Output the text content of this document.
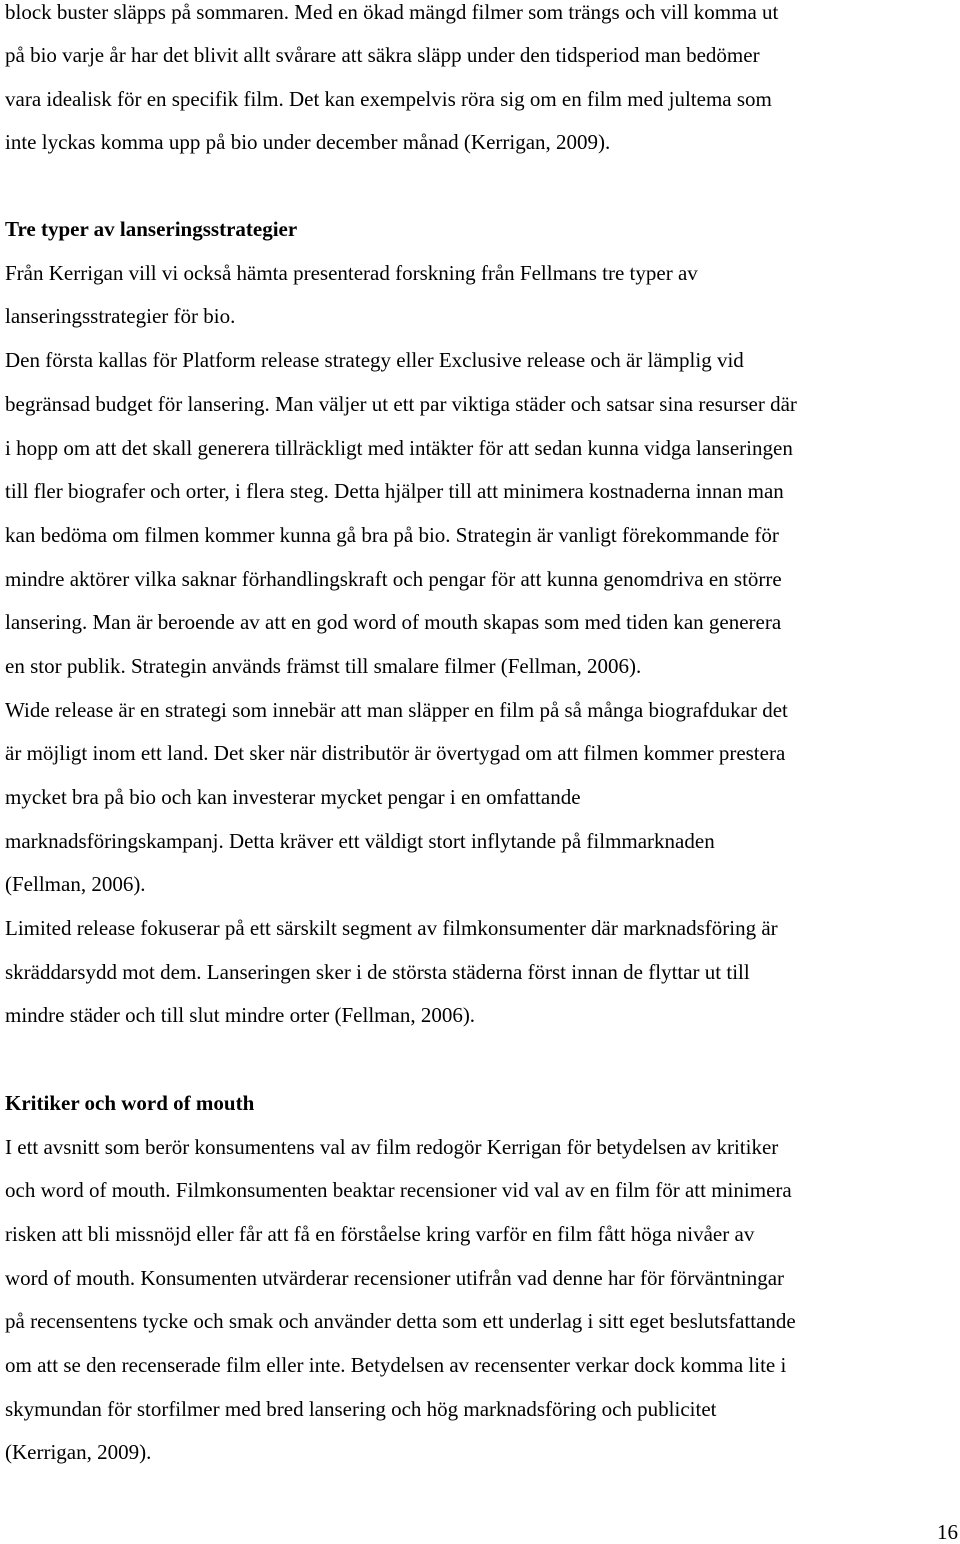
block buster släpps på sommaren. Med en ökad mängd filmer som trängs och vill komma ut
på bio varje år har det blivit allt svårare att säkra släpp under den tidsperiod man bedömer
vara idealisk för en specifik film. Det kan exempelvis röra sig om en film med jultema som
inte lyckas komma upp på bio under december månad (Kerrigan, 2009).
Tre typer av lanseringsstrategier
Från Kerrigan vill vi också hämta presenterad forskning från Fellmans tre typer av
lanseringsstrategier för bio.
Den första kallas för Platform release strategy eller Exclusive release och är lämplig vid
begränsad budget för lansering. Man väljer ut ett par viktiga städer och satsar sina resurser där
i hopp om att det skall generera tillräckligt med intäkter för att sedan kunna vidga lanseringen
till fler biografer och orter, i flera steg. Detta hjälper till att minimera kostnaderna innan man
kan bedöma om filmen kommer kunna gå bra på bio. Strategin är vanligt förekommande för
mindre aktörer vilka saknar förhandlingskraft och pengar för att kunna genomdriva en större
lansering. Man är beroende av att en god word of mouth skapas som med tiden kan generera
en stor publik. Strategin används främst till smalare filmer (Fellman, 2006).
Wide release är en strategi som innebär att man släpper en film på så många biografdukar det
är möjligt inom ett land. Det sker när distributör är övertygad om att filmen kommer prestera
mycket bra på bio och kan investerar mycket pengar i en omfattande
marknadsföringskampanj. Detta kräver ett väldigt stort inflytande på filmmarknaden
(Fellman, 2006).
Limited release fokuserar på ett särskilt segment av filmkonsumenter där marknadsföring är
skräddarsydd mot dem. Lanseringen sker i de största städerna först innan de flyttar ut till
mindre städer och till slut mindre orter (Fellman, 2006).
Kritiker och word of mouth
I ett avsnitt som berör konsumentens val av film redogör Kerrigan för betydelsen av kritiker
och word of mouth. Filmkonsumenten beaktar recensioner vid val av en film för att minimera
risken att bli missnöjd eller får att få en förståelse kring varför en film fått höga nivåer av
word of mouth. Konsumenten utvärderar recensioner utifrån vad denne har för förväntningar
på recensentens tycke och smak och använder detta som ett underlag i sitt eget beslutsfattande
om att se den recenserade film eller inte. Betydelsen av recensenter verkar dock komma lite i
skymundan för storfilmer med bred lansering och hög marknadsföring och publicitet
(Kerrigan, 2009).
16
